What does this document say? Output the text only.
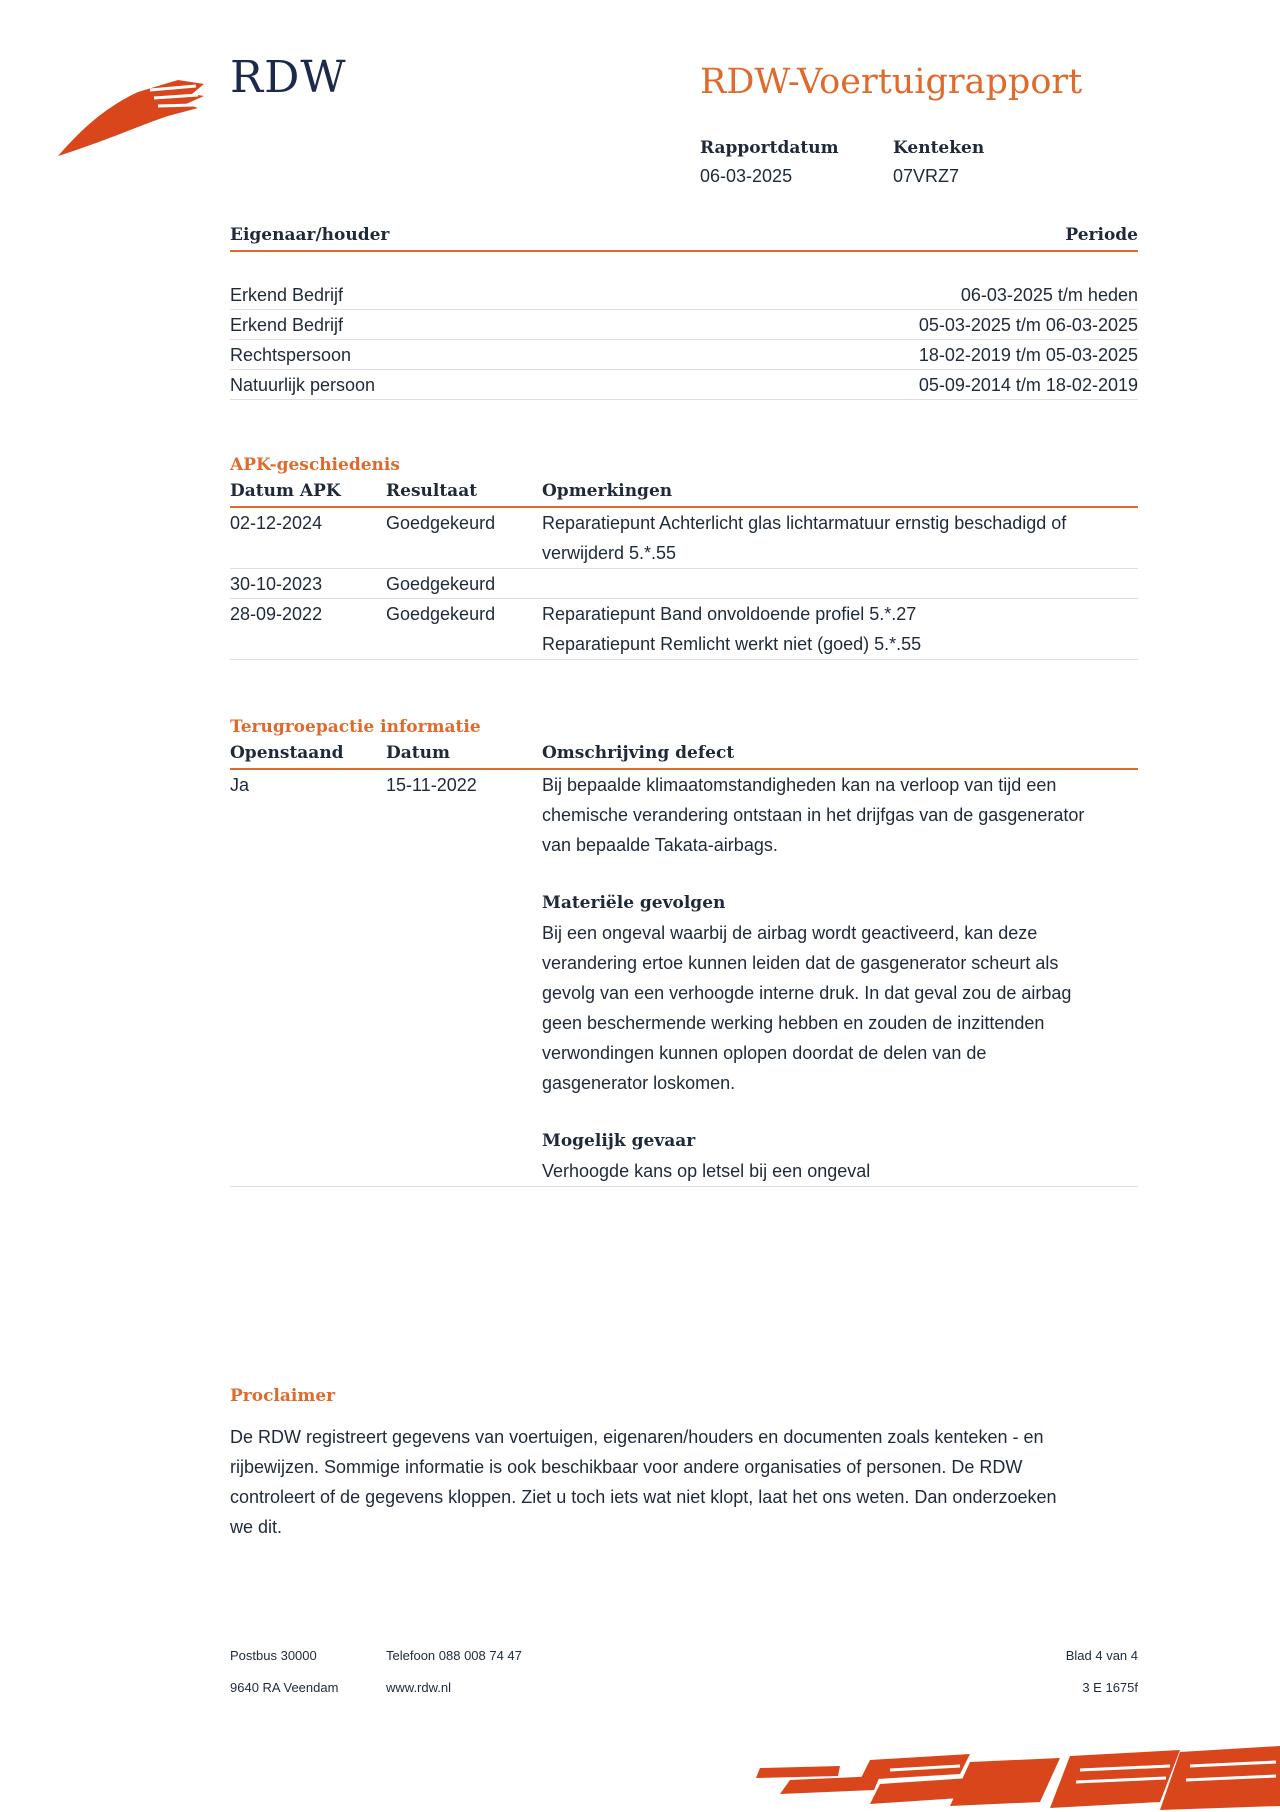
RDW	RDW-Voertuigrapport
Rapportdatum
06-03-2025
Kenteken
07VRZ7
Eigenaar/houder	Periode
Erkend Bedrijf	06-03-2025 t/m heden
Erkend Bedrijf	05-03-2025 t/m 06-03-2025
Rechtspersoon	18-02-2019 t/m 05-03-2025
Natuurlijk persoon	05-09-2014 t/m 18-02-2019
APK-geschiedenis
Datum APK	Resultaat	Opmerkingen
02-12-2024	Goedgekeurd	Reparatiepunt Achterlicht glas lichtarmatuur ernstig beschadigd of
verwijderd 5.*.55
30-10-2023	Goedgekeurd
28-09-2022	Goedgekeurd	Reparatiepunt Band onvoldoende profiel 5.*.27
Reparatiepunt Remlicht werkt niet (goed) 5.*.55
Terugroepactie informatie
Openstaand	Datum	Omschrijving defect
Ja	15-11-2022	Bij bepaalde klimaatomstandigheden kan na verloop van tijd een
chemische verandering ontstaan in het drijfgas van de gasgenerator
van bepaalde Takata-airbags.
Materiële gevolgen
Bij een ongeval waarbij de airbag wordt geactiveerd, kan deze
verandering ertoe kunnen leiden dat de gasgenerator scheurt als
gevolg van een verhoogde interne druk. In dat geval zou de airbag
geen beschermende werking hebben en zouden de inzittenden
verwondingen kunnen oplopen doordat de delen van de
gasgenerator loskomen.
Mogelijk gevaar
Verhoogde kans op letsel bij een ongeval
Proclaimer
De RDW registreert gegevens van voertuigen, eigenaren/houders en documenten zoals kenteken - en
rijbewijzen. Sommige informatie is ook beschikbaar voor andere organisaties of personen. De RDW
controleert of de gegevens kloppen. Ziet u toch iets wat niet klopt, laat het ons weten. Dan onderzoeken
we dit.
Postbus 30000
9640 RA Veendam
Telefoon 088 008 74 47
www.rdw.nl
Blad 4 van 4
3 E 1675f
